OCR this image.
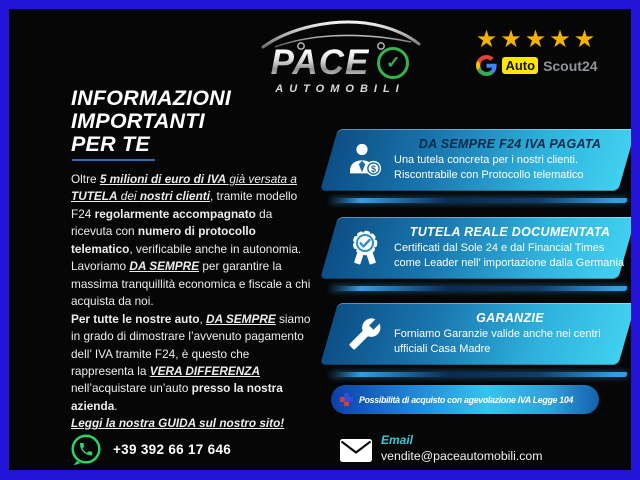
PACE ✓
AUTOMOBILI
★★★★★
Auto Scout24
INFORMAZIONI
IMPORTANTI
PER TE
Oltre 5 milioni di euro di IVA già versata a TUTELA dei nostri clienti, tramite modello F24 regolarmente accompagnato da ricevuta con numero di protocollo telematico, verificabile anche in autonomia. Lavoriamo DA SEMPRE per garantire la massima tranquillità economica e fiscale a chi acquista da noi.
Per tutte le nostre auto, DA SEMPRE siamo in grado di dimostrare l’avvenuto pagamento dell’ IVA tramite F24, è questo che rappresenta la VERA DIFFERENZA nell’acquistare un’auto presso la nostra azienda.
Leggi la nostra GUIDA sul nostro sito!
$
DA SEMPRE F24 IVA PAGATA
Una tutela concreta per i nostri clienti.
Riscontrabile con Protocollo telematico
TUTELA REALE DOCUMENTATA
Certificati dal Sole 24 e dal Financial Times
come Leader nell’ importazione dalla Germania
GARANZIE
Forniamo Garanzie valide anche nei centri
ufficiali Casa Madre
Possibilità di acquisto con agevolazione IVA Legge 104
+39 392 66 17 646
Email
vendite@paceautomobili.com
